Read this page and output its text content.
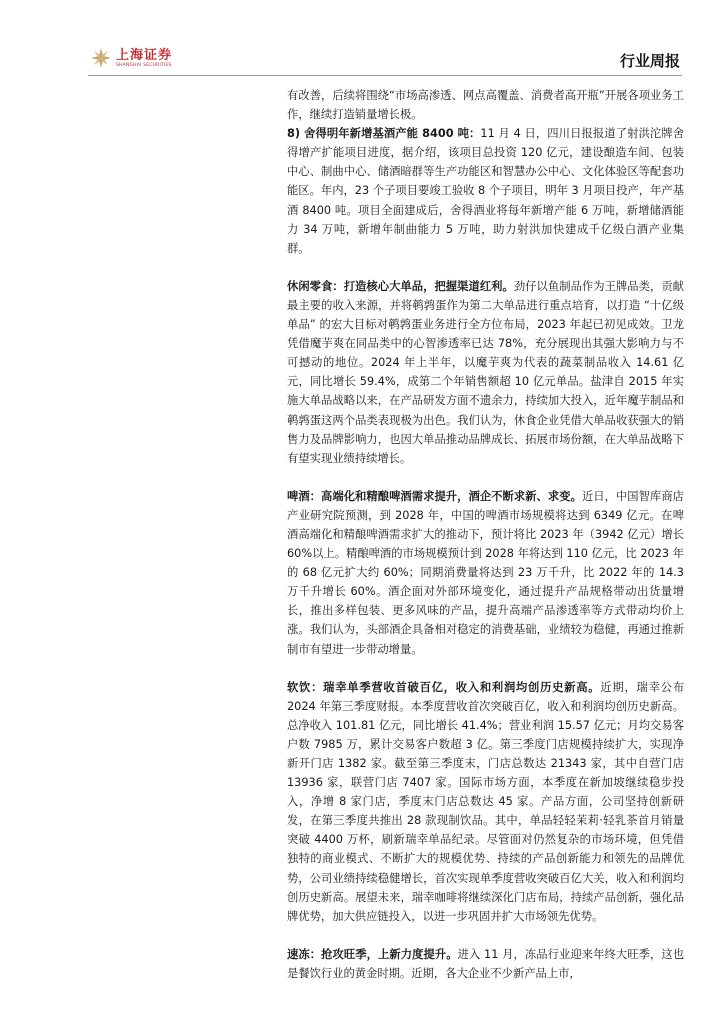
上海证券
SHANGHAI SECURITIES	行业周报

有改善，后续将围绕“市场高渗透、网点高覆盖、消费者高开瓶”开展各项业务工作，继续打造销量增长极。

8) 舍得明年新增基酒产能 8400 吨：11 月 4 日，四川日报报道了射洪沱牌舍得增产扩能项目进度，据介绍，该项目总投资 120 亿元，建设酿造车间、包装中心、制曲中心、储酒暗群等生产功能区和智慧办公中心、文化体验区等配套功能区。年内，23 个子项目要竣工验收 8 个子项目，明年 3 月项目投产，年产基酒 8400 吨。项目全面建成后，舍得酒业将每年新增产能 6 万吨，新增储酒能力 34 万吨，新增年制曲能力 5 万吨，助力射洪加快建成千亿级白酒产业集群。

休闲零食：打造核心大单品，把握渠道红利。劲仔以鱼制品作为王牌品类，贡献最主要的收入来源，并将鹌鹑蛋作为第二大单品进行重点培育，以打造 “十亿级单品” 的宏大目标对鹌鹑蛋业务进行全方位布局，2023 年起已初见成效。卫龙凭借魔芋爽在同品类中的心智渗透率已达 78%，充分展现出其强大影响力与不可撼动的地位。2024 年上半年，以魔芋爽为代表的蔬菜制品收入 14.61 亿元，同比增长 59.4%，成第二个年销售额超 10 亿元单品。盐津自 2015 年实施大单品战略以来，在产品研发方面不遗余力，持续加大投入，近年魔芋制品和鹌鹑蛋这两个品类表现极为出色。我们认为，休食企业凭借大单品收获强大的销售力及品牌影响力，也因大单品推动品牌成长、拓展市场份额，在大单品战略下有望实现业绩持续增长。

啤酒：高端化和精酿啤酒需求提升，酒企不断求新、求变。近日，中国智库商店产业研究院预测，到 2028 年，中国的啤酒市场规模将达到 6349 亿元。在啤酒高端化和精酿啤酒需求扩大的推动下，预计将比 2023 年（3942 亿元）增长 60%以上。精酿啤酒的市场规模预计到 2028 年将达到 110 亿元，比 2023 年的 68 亿元扩大约 60%；同期消费量将达到 23 万千升，比 2022 年的 14.3 万千升增长 60%。酒企面对外部环境变化，通过提升产品规格带动出货量增长，推出多样包装、更多风味的产品，提升高端产品渗透率等方式带动均价上涨。我们认为，头部酒企具备相对稳定的消费基础，业绩较为稳健，再通过推新制市有望进一步带动增量。

软饮：瑞幸单季营收首破百亿，收入和利润均创历史新高。近期，瑞幸公布 2024 年第三季度财报。本季度营收首次突破百亿，收入和利润均创历史新高。总净收入 101.81 亿元，同比增长 41.4%；营业利润 15.57 亿元；月均交易客户数 7985 万，累计交易客户数超 3 亿。第三季度门店规模持续扩大，实现净新开门店 1382 家。截至第三季度末，门店总数达 21343 家，其中自营门店 13936 家，联营门店 7407 家。国际市场方面，本季度在新加坡继续稳步投入，净增 8 家门店，季度末门店总数达 45 家。产品方面，公司坚持创新研发，在第三季度共推出 28 款现制饮品。其中，单品轻轻茉莉·轻乳茶首月销量突破 4400 万杯，刷新瑞幸单品纪录。尽管面对仍然复杂的市场环境，但凭借独特的商业模式、不断扩大的规模优势、持续的产品创新能力和领先的品牌优势，公司业绩持续稳健增长，首次实现单季度营收突破百亿大关，收入和利润均创历史新高。展望未来，瑞幸咖啡将继续深化门店布局，持续产品创新，强化品牌优势，加大供应链投入，以进一步巩固并扩大市场领先优势。

速冻：抢攻旺季，上新力度提升。进入 11 月，冻品行业迎来年终大旺季，这也是餐饮行业的黄金时期。近期，各大企业不少新产品上市，
